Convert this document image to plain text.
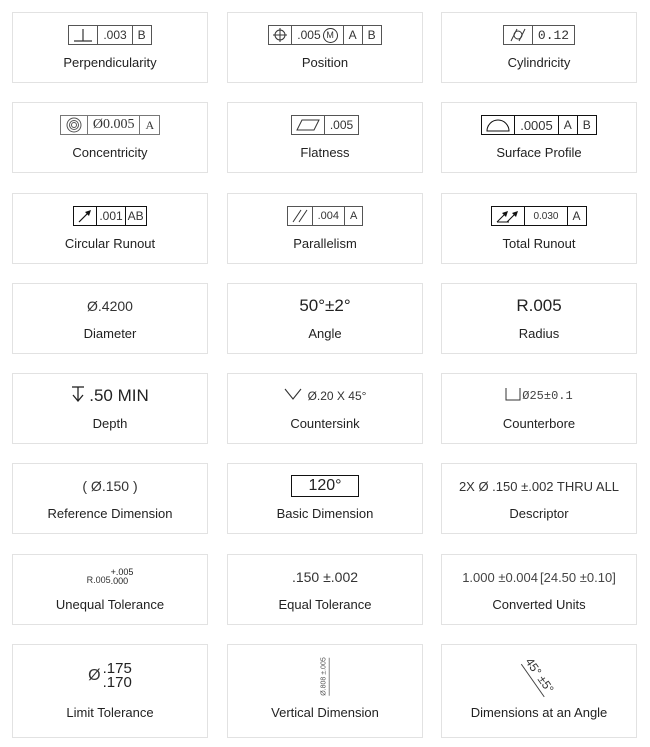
.003 B
Perpendicularity
.005 M	A B
Position
0.12
Cylindricity
Ø0.005 A
Concentricity
.005
Flatness
.0005 A B
Surface Profile
.001 AB
Circular Runout
.004	A
Parallelism
0.030	A
Total Runout
Ø.4200
Diameter
50°±2°
Angle
R.005
Radius
.50 MIN
Depth
Ø.20 X 45°
Countersink
Ø25±0.1
Counterbore
( Ø.150 )
Reference Dimension
120°
Basic Dimension
2X Ø .150 ±.002 THRU ALL
Descriptor
R.005
+.005
.000
Unequal Tolerance
.150 ±.002
Equal Tolerance
1.000 ±0.004 [24.50 ±0.10]
Converted Units
Ø .175
.170
Limit Tolerance
Ø.808 ±.005
Vertical Dimension
45° ±5°
Dimensions at an Angle
